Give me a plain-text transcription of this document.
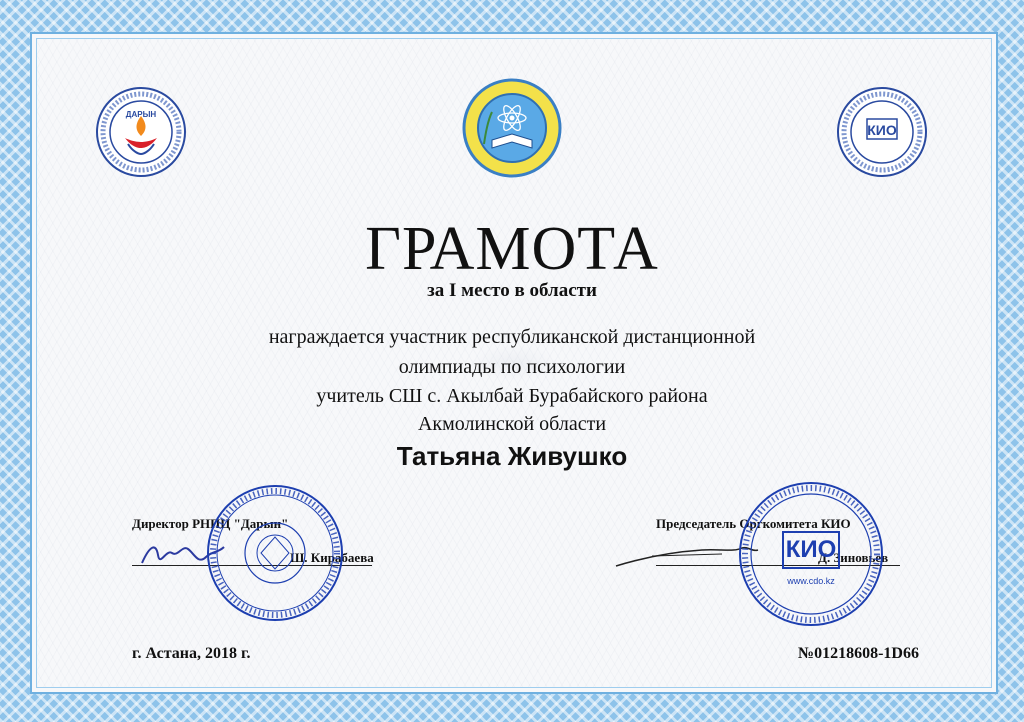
ДАРЫН
КИО
ГРАМОТА
за I место в области
награждается участник республиканской дистанционной
олимпиады по психологии
учитель СШ с. Акылбай Бурабайского района
Акмолинской области
Татьяна Живушко
Директор РНПЦ "Дарын"
Ш. Кирабаева
Председатель Оргкомитета КИО
Д. Зиновьев
КИО
www.cdo.kz
г. Астана, 2018 г.	№01218608-1D66
